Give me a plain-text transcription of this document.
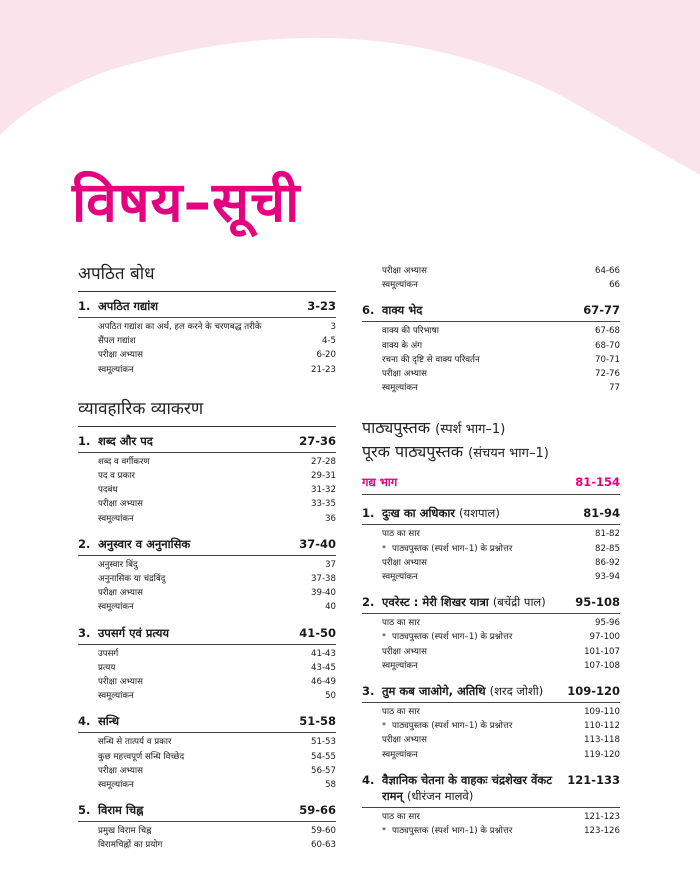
विषय–सूची
अपठित बोध
1. अपठित गद्यांश	3-23
अपठित गद्यांश का अर्थ, हल करने के चरणबद्ध तरीके	3
सैंपल गद्यांश	4-5
परीक्षा अभ्यास	6-20
स्वमूल्यांकन	21-23
व्यावहारिक व्याकरण
1. शब्द और पद	27-36
शब्द व वर्गीकरण	27-28
पद व प्रकार	29-31
पदबंध	31-32
परीक्षा अभ्यास	33-35
स्वमूल्यांकन	36
2. अनुस्वार व अनुनासिक	37-40
अनुस्वार बिंदु	37
अनुनासिक या चंद्रबिंदु	37-38
परीक्षा अभ्यास	39-40
स्वमूल्यांकन	40
3. उपसर्ग एवं प्रत्यय	41-50
उपसर्ग	41-43
प्रत्यय	43-45
परीक्षा अभ्यास	46-49
स्वमूल्यांकन	50
4. सन्धि	51-58
सन्धि से तात्पर्य व प्रकार	51-53
कुछ महत्त्वपूर्ण सन्धि विच्छेद	54-55
परीक्षा अभ्यास	56-57
स्वमूल्यांकन	58
5. विराम चिह्न	59-66
प्रमुख विराम चिह्न	59-60
विरामचिह्नों का प्रयोग	60-63
परीक्षा अभ्यास	64-66
स्वमूल्यांकन	66
6. वाक्य भेद	67-77
वाक्य की परिभाषा	67-68
वाक्य के अंग	68-70
रचना की दृष्टि से वाक्य परिवर्तन	70-71
परीक्षा अभ्यास	72-76
स्वमूल्यांकन	77
पाठ्यपुस्तक (स्पर्श भाग–1)
पूरक पाठ्यपुस्तक (संचयन भाग–1)
गद्य भाग	81-154
1. दुःख का अधिकार (यशपाल)	81-94
पाठ का सार	81-82
* पाठ्यपुस्तक (स्पर्श भाग–1) के प्रश्नोत्तर	82-85
परीक्षा अभ्यास	86-92
स्वमूल्यांकन	93-94
2. एवरेस्ट : मेरी शिखर यात्रा (बचेंद्री पाल)	95-108
पाठ का सार	95-96
* पाठ्यपुस्तक (स्पर्श भाग–1) के प्रश्नोत्तर	97-100
परीक्षा अभ्यास	101-107
स्वमूल्यांकन	107-108
3. तुम कब जाओगे, अतिथि (शरद जोशी)	109-120
पाठ का सार	109-110
* पाठ्यपुस्तक (स्पर्श भाग–1) के प्रश्नोत्तर	110-112
परीक्षा अभ्यास	113-118
स्वमूल्यांकन	119-120
4. वैज्ञानिक चेतना के वाहकः चंद्रशेखर वेंकट रामन् (धीरंजन मालवे)
121-133
पाठ का सार	121-123
* पाठ्यपुस्तक (स्पर्श भाग–1) के प्रश्नोत्तर	123-126
